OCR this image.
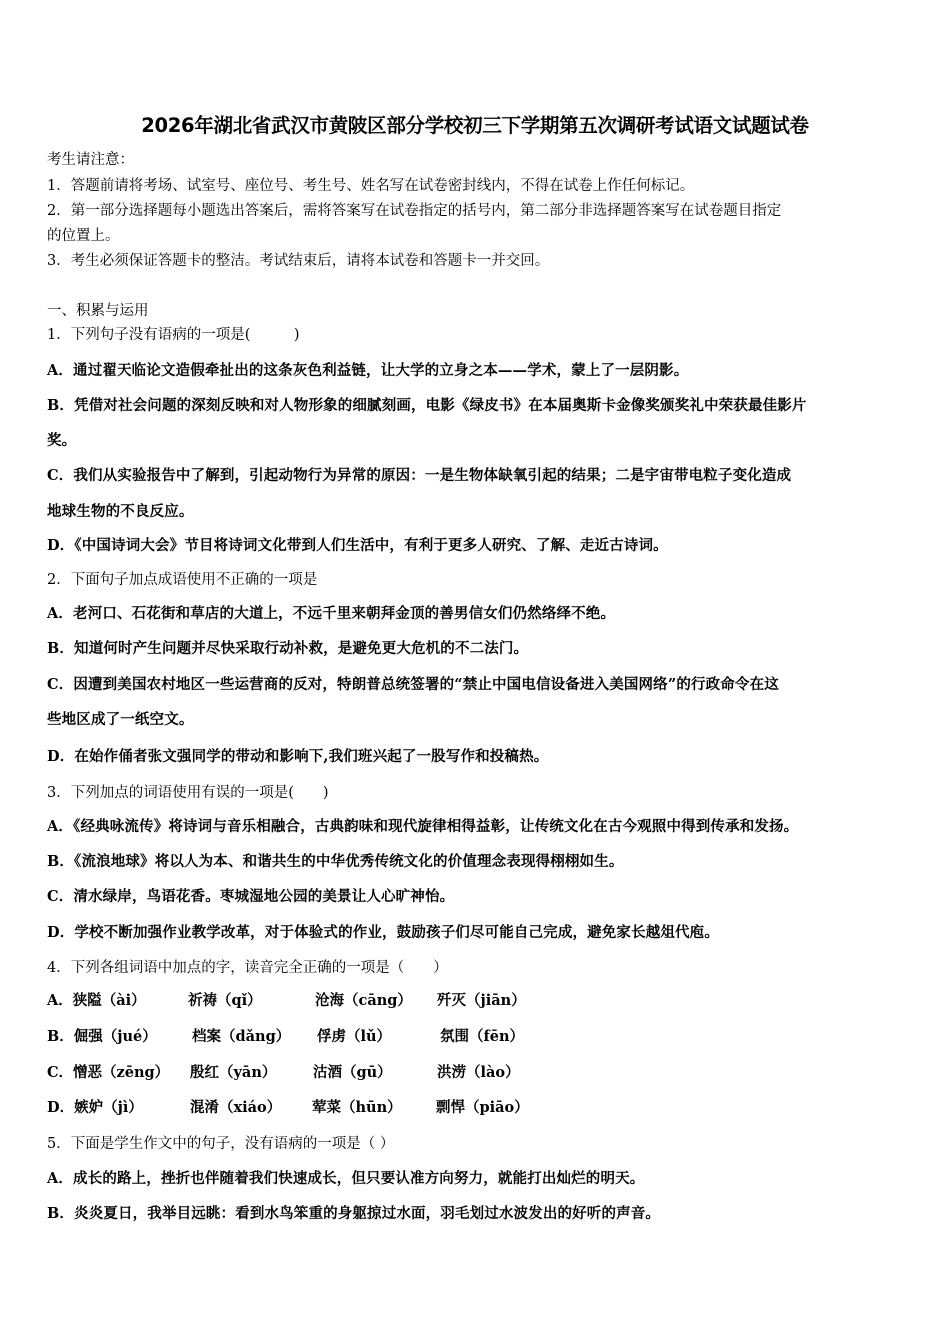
2026年湖北省武汉市黄陂区部分学校初三下学期第五次调研考试语文试题试卷
考生请注意：
1．答题前请将考场、试室号、座位号、考生号、姓名写在试卷密封线内，不得在试卷上作任何标记。
2．第一部分选择题每小题选出答案后，需将答案写在试卷指定的括号内，第二部分非选择题答案写在试卷题目指定
的位置上。
3．考生必须保证答题卡的整洁。考试结束后，请将本试卷和答题卡一并交回。
一、积累与运用
1．下列句子没有语病的一项是(　　　)
A．通过翟天临论文造假牵扯出的这条灰色利益链，让大学的立身之本——学术，蒙上了一层阴影。
B．凭借对社会问题的深刻反映和对人物形象的细腻刻画，电影《绿皮书》在本届奥斯卡金像奖颁奖礼中荣获最佳影片
奖。
C．我们从实验报告中了解到，引起动物行为异常的原因：一是生物体缺氧引起的结果；二是宇宙带电粒子变化造成
地球生物的不良反应。
D．《中国诗词大会》节目将诗词文化带到人们生活中，有利于更多人研究、了解、走近古诗词。
2．下面句子加点成语使用不正确的一项是
A．老河口、石花街和草店的大道上，不远千里来朝拜金顶的善男信女们仍然络绎不绝。
B．知道何时产生问题并尽快采取行动补救，是避免更大危机的不二法门。
C．因遭到美国农村地区一些运营商的反对，特朗普总统签署的“禁止中国电信设备进入美国网络”的行政命令在这
些地区成了一纸空文。
D．在始作俑者张文强同学的带动和影响下,我们班兴起了一股写作和投稿热。
3．下列加点的词语使用有误的一项是(　　)
A．《经典咏流传》将诗词与音乐相融合，古典韵味和现代旋律相得益彰，让传统文化在古今观照中得到传承和发扬。
B．《流浪地球》将以人为本、和谐共生的中华优秀传统文化的价值理念表现得栩栩如生。
C．清水绿岸，鸟语花香。枣城湿地公园的美景让人心旷神怡。
D．学校不断加强作业教学改革，对于体验式的作业，鼓励孩子们尽可能自己完成，避免家长越俎代庖。
4．下列各组词语中加点的字，读音完全正确的一项是（　　）
A．狭隘（ài）	祈祷（qǐ）	沧海（cāng） 歼灭（jiān）
B．倔强（jué） 档案（dǎng） 俘虏（lǔ）	氛围（fēn）
C．憎恶（zēng） 殷红（yān）	沽酒（gū）	洪涝（lào）
D．嫉妒（jì）	混淆（xiáo） 荤菜（hūn） 剽悍（piāo）
5．下面是学生作文中的句子，没有语病的一项是（ ）
A．成长的路上，挫折也伴随着我们快速成长，但只要认准方向努力，就能打出灿烂的明天。
B．炎炎夏日，我举目远眺：看到水鸟笨重的身躯掠过水面，羽毛划过水波发出的好听的声音。
